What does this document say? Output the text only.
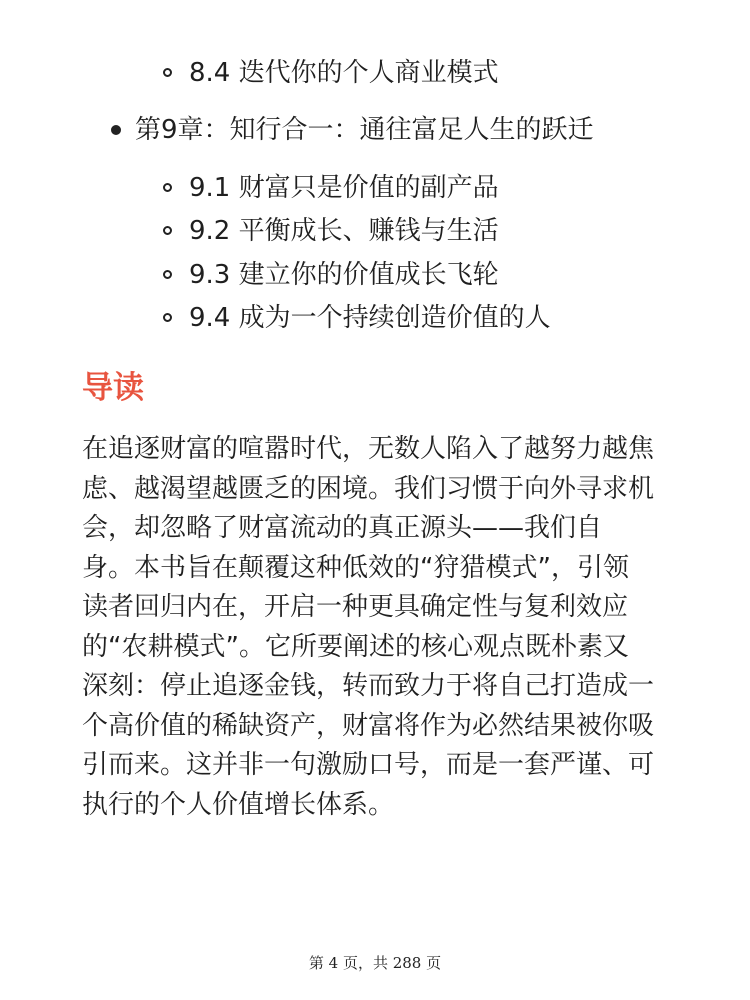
8.4 迭代你的个人商业模式
第9章：知行合一：通往富足人生的跃迁
9.1 财富只是价值的副产品
9.2 平衡成长、赚钱与生活
9.3 建立你的价值成长飞轮
9.4 成为一个持续创造价值的人
导读
在追逐财富的喧嚣时代，无数人陷入了越努力越焦
虑、越渴望越匮乏的困境。我们习惯于向外寻求机
会，却忽略了财富流动的真正源头——我们自
身。本书旨在颠覆这种低效的“狩猎模式”，引领
读者回归内在，开启一种更具确定性与复利效应
的“农耕模式”。它所要阐述的核心观点既朴素又
深刻：停止追逐金钱，转而致力于将自己打造成一
个高价值的稀缺资产，财富将作为必然结果被你吸
引而来。这并非一句激励口号，而是一套严谨、可
执行的个人价值增长体系。
第 4 页，共 288 页
